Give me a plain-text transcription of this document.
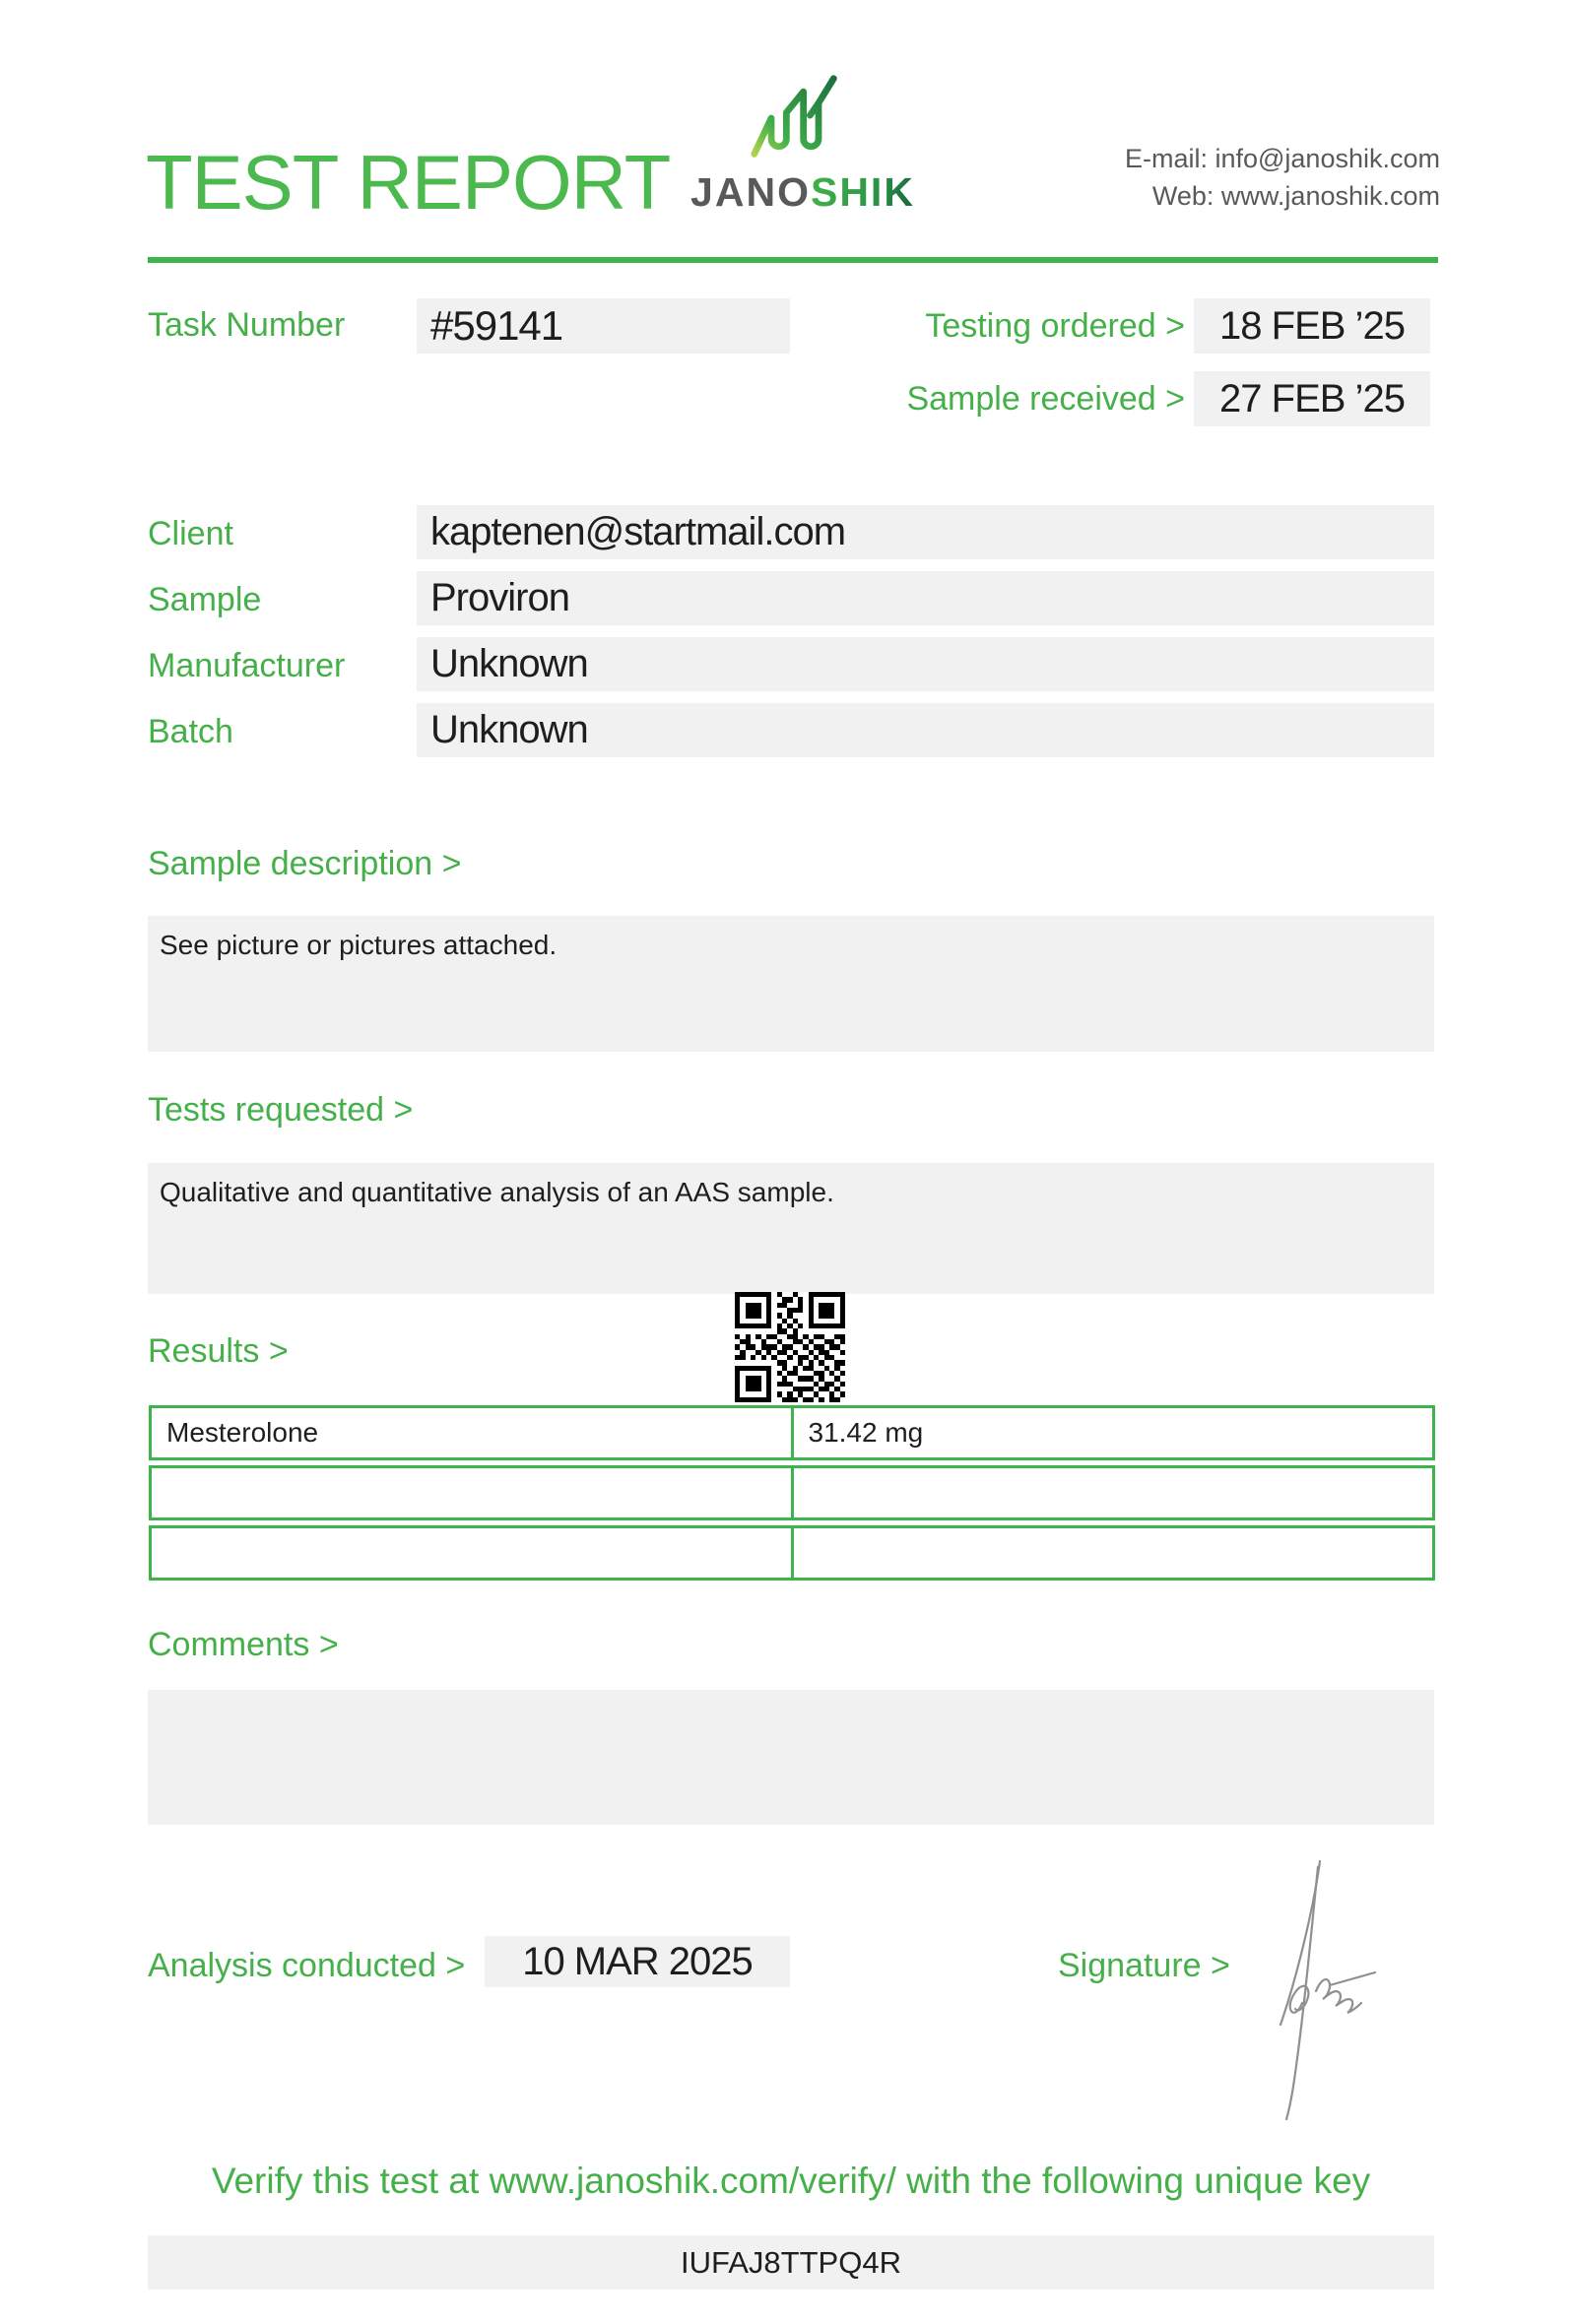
TEST REPORT JANOSHIK
E-mail: info@janoshik.com
Web: www.janoshik.com
Task Number	#59141	Testing ordered > 18 FEB ’25
Sample received > 27 FEB ’25
Client	kaptenen@startmail.com
Sample	Proviron
Manufacturer	Unknown
Batch	Unknown
Sample description >
See picture or pictures attached.
Tests requested >
Qualitative and quantitative analysis of an AAS sample.
Results >
Mesterolone	31.42 mg
Comments >
Analysis conducted >	10 MAR 2025	Signature >
Verify this test at www.janoshik.com/verify/ with the following unique key
IUFAJ8TTPQ4R
